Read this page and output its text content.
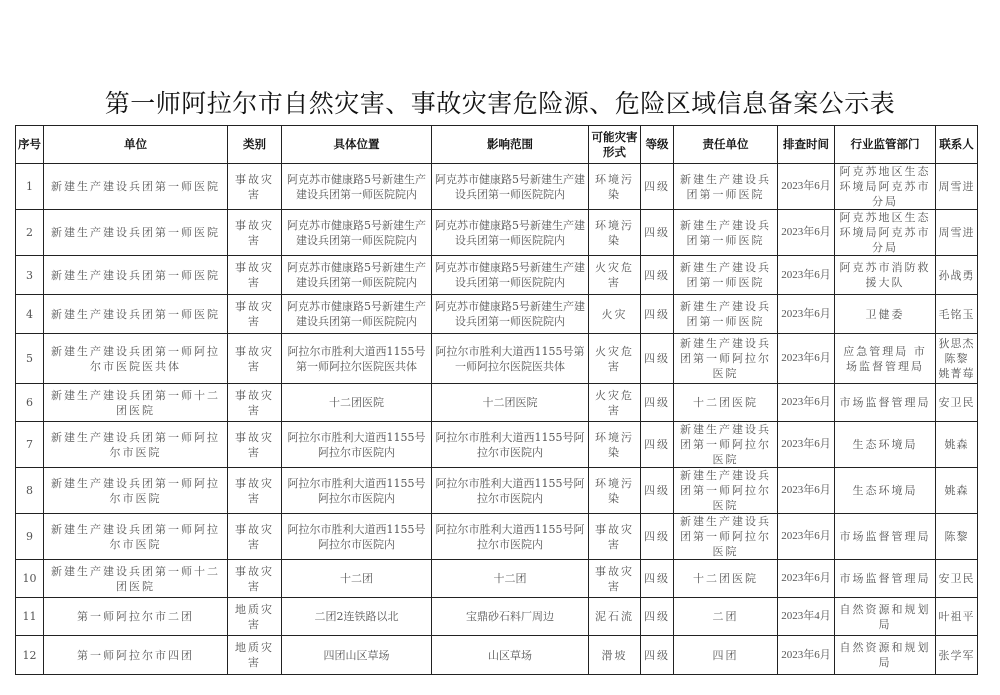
第一师阿拉尔市自然灾害、事故灾害危险源、危险区域信息备案公示表
序号	单位	类别	具体位置	影响范围	可能灾害形式	等级	责任单位	排查时间	行业监管部门	联系人
1	新建生产建设兵团第一师医院	事故灾害	阿克苏市健康路5号新建生产建设兵团第一师医院院内	阿克苏市健康路5号新建生产建设兵团第一师医院院内	环境污染	四级	新建生产建设兵团第一师医院	2023年6月	阿克苏地区生态环境局阿克苏市分局	周雪进
2	新建生产建设兵团第一师医院	事故灾害	阿克苏市健康路5号新建生产建设兵团第一师医院院内	阿克苏市健康路5号新建生产建设兵团第一师医院院内	环境污染	四级	新建生产建设兵团第一师医院	2023年6月	阿克苏地区生态环境局阿克苏市分局	周雪进
3	新建生产建设兵团第一师医院	事故灾害	阿克苏市健康路5号新建生产建设兵团第一师医院院内	阿克苏市健康路5号新建生产建设兵团第一师医院院内	火灾危害	四级	新建生产建设兵团第一师医院	2023年6月	阿克苏市消防救援大队	孙战勇
4	新建生产建设兵团第一师医院	事故灾害	阿克苏市健康路5号新建生产建设兵团第一师医院院内	阿克苏市健康路5号新建生产建设兵团第一师医院院内	火灾	四级	新建生产建设兵团第一师医院	2023年6月	卫健委	毛铭玉
5	新建生产建设兵团第一师阿拉尔市医院医共体	事故灾害	阿拉尔市胜利大道西1155号第一师阿拉尔医院医共体	阿拉尔市胜利大道西1155号第一师阿拉尔医院医共体	火灾危害	四级	新建生产建设兵团第一师阿拉尔医院	2023年6月	应急管理局 市场监督管理局	狄思杰 陈黎 姚菁莓
6	新建生产建设兵团第一师十二团医院	事故灾害	十二团医院	十二团医院	火灾危害	四级	十二团医院	2023年6月	市场监督管理局	安卫民
7	新建生产建设兵团第一师阿拉尔市医院	事故灾害	阿拉尔市胜利大道西1155号阿拉尔市医院内	阿拉尔市胜利大道西1155号阿拉尔市医院内	环境污染	四级	新建生产建设兵团第一师阿拉尔医院	2023年6月	生态环境局	姚森
8	新建生产建设兵团第一师阿拉尔市医院	事故灾害	阿拉尔市胜利大道西1155号阿拉尔市医院内	阿拉尔市胜利大道西1155号阿拉尔市医院内	环境污染	四级	新建生产建设兵团第一师阿拉尔医院	2023年6月	生态环境局	姚森
9	新建生产建设兵团第一师阿拉尔市医院	事故灾害	阿拉尔市胜利大道西1155号阿拉尔市医院内	阿拉尔市胜利大道西1155号阿拉尔市医院内	事故灾害	四级	新建生产建设兵团第一师阿拉尔医院	2023年6月	市场监督管理局	陈黎
10	新建生产建设兵团第一师十二团医院	事故灾害	十二团	十二团	事故灾害	四级	十二团医院	2023年6月	市场监督管理局	安卫民
11	第一师阿拉尔市二团	地质灾害	二团2连铁路以北	宝鼎砂石料厂周边	泥石流	四级	二团	2023年4月	自然资源和规划局	叶祖平
12	第一师阿拉尔市四团	地质灾害	四团山区草场	山区草场	滑坡	四级	四团	2023年6月	自然资源和规划局	张学军
